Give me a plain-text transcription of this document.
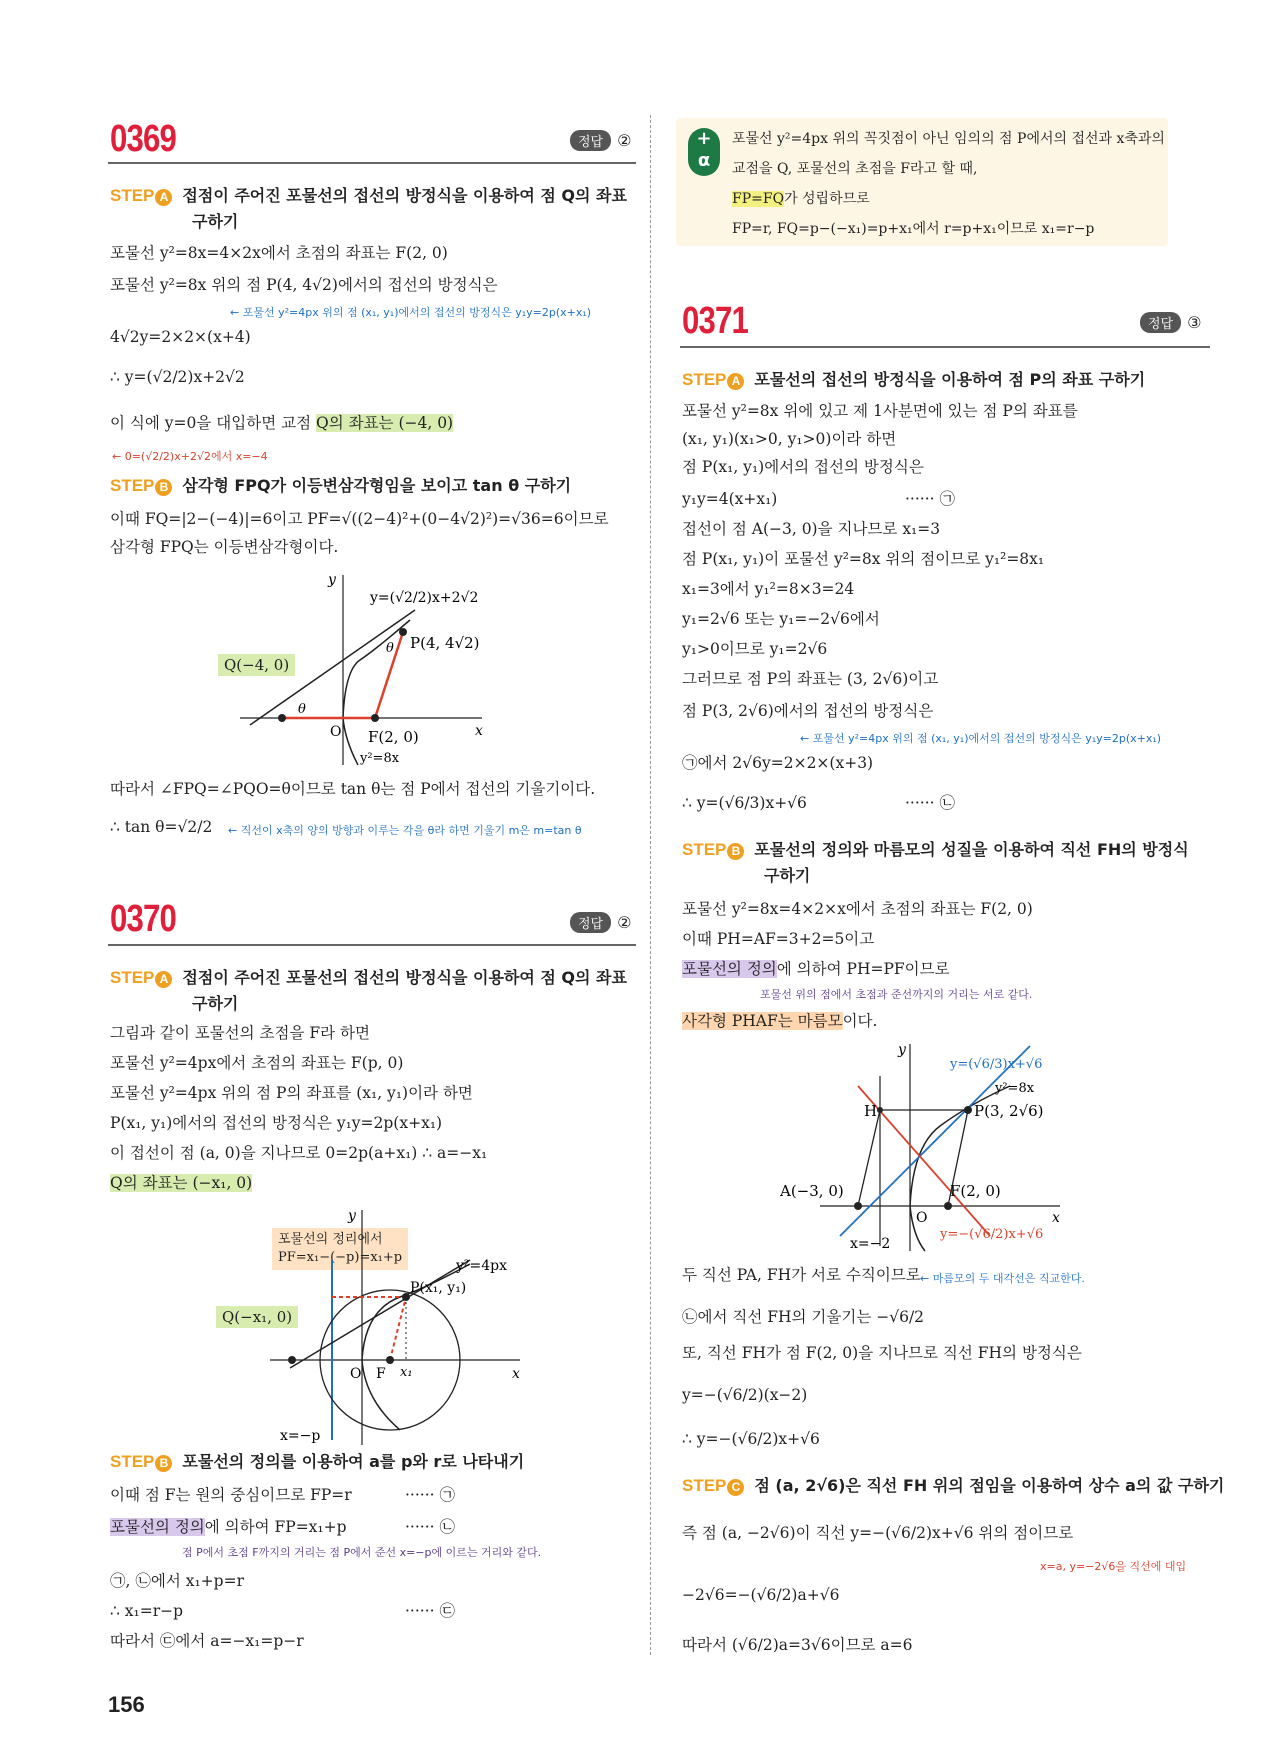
0369	정답 ②
STEP A 접점이 주어진 포물선의 접선의 방정식을 이용하여 점 Q의 좌표
구하기
포물선 y²=8x=4×2x에서 초점의 좌표는 F(2, 0)
포물선 y²=8x 위의 점 P(4, 4√2)에서의 접선의 방정식은
← 포물선 y²=4px 위의 점 (x₁, y₁)에서의 접선의 방정식은 y₁y=2p(x+x₁)
4√2y=2×2×(x+4)
∴ y=(√2/2)x+2√2
이 식에 y=0을 대입하면 교점 Q의 좌표는 (−4, 0)
← 0=(√2/2)x+2√2에서 x=−4
STEP B 삼각형 FPQ가 이등변삼각형임을 보이고 tan θ 구하기
이때 FQ=|2−(−4)|=6이고 PF=√((2−4)²+(0−4√2)²)=√36=6이므로
삼각형 FPQ는 이등변삼각형이다.
y
x
O
y=(√2/2)x+2√2
P(4, 4√2)
F(2, 0)
y²=8x
θ
θ
Q(−4, 0)
따라서 ∠FPQ=∠PQO=θ이므로 tan θ는 점 P에서 접선의 기울기이다.
∴ tan θ=√2/2 ← 직선이 x축의 양의 방향과 이루는 각을 θ라 하면 기울기 m은 m=tan θ
0370	정답 ②
STEP A 접점이 주어진 포물선의 접선의 방정식을 이용하여 점 Q의 좌표
구하기
그림과 같이 포물선의 초점을 F라 하면
포물선 y²=4px에서 초점의 좌표는 F(p, 0)
포물선 y²=4px 위의 점 P의 좌표를 (x₁, y₁)이라 하면
P(x₁, y₁)에서의 접선의 방정식은 y₁y=2p(x+x₁)
이 접선이 점 (a, 0)을 지나므로 0=2p(a+x₁) ∴ a=−x₁
Q의 좌표는 (−x₁, 0)
포물선의 정리에서
PF=x₁−(−p)=x₁+p
y
x
O F x₁
P(x₁, y₁)
y²=4px
x=−p
Q(−x₁, 0)
STEP B 포물선의 정의를 이용하여 a를 p와 r로 나타내기
이때 점 F는 원의 중심이므로 FP=r	······ ㉠
포물선의 정의에 의하여 FP=x₁+p	······ ㉡
점 P에서 초점 F까지의 거리는 점 P에서 준선 x=−p에 이르는 거리와 같다.
㉠, ㉡에서 x₁+p=r
∴ x₁=r−p	······ ㉢
따라서 ㉢에서 a=−x₁=p−r
156
+
α
포물선 y²=4px 위의 꼭짓점이 아닌 임의의 점 P에서의 접선과 x축과의
교점을 Q, 포물선의 초점을 F라고 할 때,
FP=FQ가 성립하므로
FP=r, FQ=p−(−x₁)=p+x₁에서 r=p+x₁이므로 x₁=r−p
0371	정답 ③
STEP A 포물선의 접선의 방정식을 이용하여 점 P의 좌표 구하기
포물선 y²=8x 위에 있고 제 1사분면에 있는 점 P의 좌표를
(x₁, y₁)(x₁>0, y₁>0)이라 하면
점 P(x₁, y₁)에서의 접선의 방정식은
y₁y=4(x+x₁)	······ ㉠
접선이 점 A(−3, 0)을 지나므로 x₁=3
점 P(x₁, y₁)이 포물선 y²=8x 위의 점이므로 y₁²=8x₁
x₁=3에서 y₁²=8×3=24
y₁=2√6 또는 y₁=−2√6에서
y₁>0이므로 y₁=2√6
그러므로 점 P의 좌표는 (3, 2√6)이고
점 P(3, 2√6)에서의 접선의 방정식은
← 포물선 y²=4px 위의 점 (x₁, y₁)에서의 접선의 방정식은 y₁y=2p(x+x₁)
㉠에서 2√6y=2×2×(x+3)
∴ y=(√6/3)x+√6	······ ㉡
STEP B 포물선의 정의와 마름모의 성질을 이용하여 직선 FH의 방정식
구하기
포물선 y²=8x=4×2×x에서 초점의 좌표는 F(2, 0)
이때 PH=AF=3+2=5이고
포물선의 정의에 의하여 PH=PF이므로
포물선 위의 점에서 초점과 준선까지의 거리는 서로 같다.
사각형 PHAF는 마름모이다.
y
x
O
H	P(3, 2√6)
A(−3, 0)	F(2, 0)
x=−2
y²=8x
y=(√6/3)x+√6
y=−(√6/2)x+√6
두 직선 PA, FH가 서로 수직이므로 ← 마름모의 두 대각선은 직교한다.
㉡에서 직선 FH의 기울기는 −√6/2
또, 직선 FH가 점 F(2, 0)을 지나므로 직선 FH의 방정식은
y=−(√6/2)(x−2)
∴ y=−(√6/2)x+√6
STEP C 점 (a, 2√6)은 직선 FH 위의 점임을 이용하여 상수 a의 값 구하기
즉 점 (a, −2√6)이 직선 y=−(√6/2)x+√6 위의 점이므로
x=a, y=−2√6을 직선에 대입
−2√6=−(√6/2)a+√6
따라서 (√6/2)a=3√6이므로 a=6
